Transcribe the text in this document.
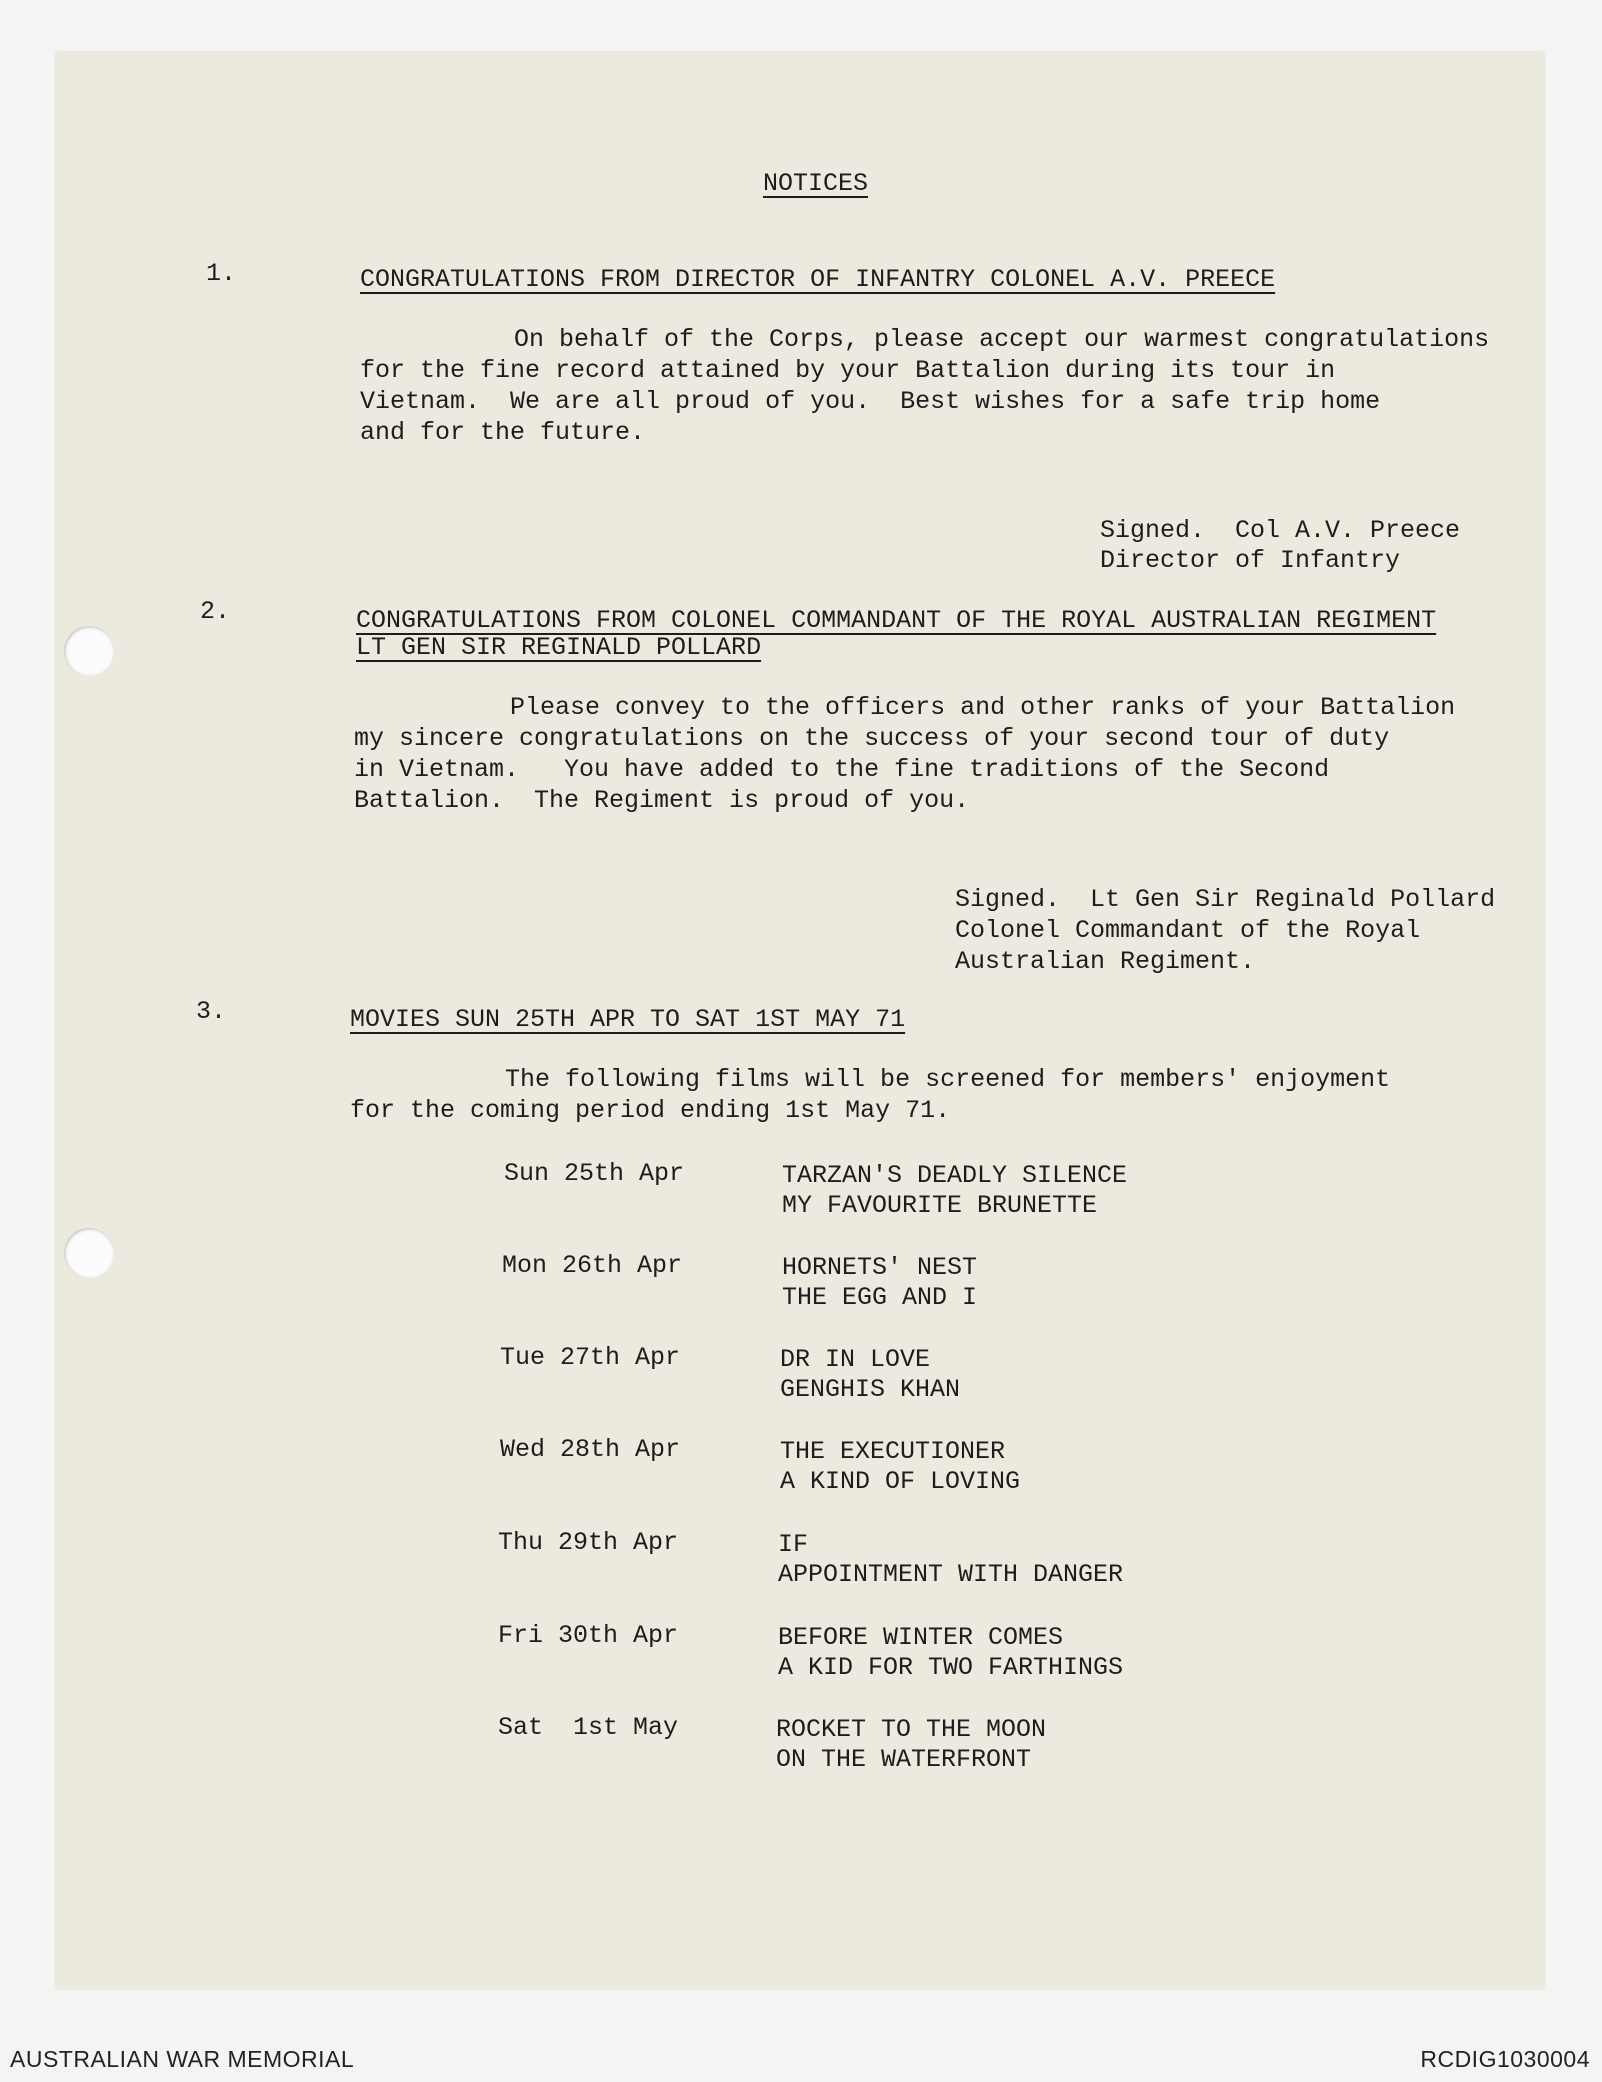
NOTICES
1.	CONGRATULATIONS FROM DIRECTOR OF INFANTRY COLONEL A.V. PREECE
On behalf of the Corps, please accept our warmest congratulations
for the fine record attained by your Battalion during its tour in
Vietnam.  We are all proud of you.  Best wishes for a safe trip home
and for the future.
Signed.  Col A.V. Preece
Director of Infantry
2.	CONGRATULATIONS FROM COLONEL COMMANDANT OF THE ROYAL AUSTRALIAN REGIMENT
LT GEN SIR REGINALD POLLARD
Please convey to the officers and other ranks of your Battalion
my sincere congratulations on the success of your second tour of duty
in Vietnam.   You have added to the fine traditions of the Second
Battalion.  The Regiment is proud of you.
Signed.  Lt Gen Sir Reginald Pollard
Colonel Commandant of the Royal
Australian Regiment.
3.	MOVIES SUN 25TH APR TO SAT 1ST MAY 71
The following films will be screened for members' enjoyment
for the coming period ending 1st May 71.
Sun 25th Apr	TARZAN'S DEADLY SILENCE
MY FAVOURITE BRUNETTE
Mon 26th Apr	HORNETS' NEST
THE EGG AND I
Tue 27th Apr	DR IN LOVE
GENGHIS KHAN
Wed 28th Apr	THE EXECUTIONER
A KIND OF LOVING
Thu 29th Apr	IF
APPOINTMENT WITH DANGER
Fri 30th Apr	BEFORE WINTER COMES
A KID FOR TWO FARTHINGS
Sat  1st May	ROCKET TO THE MOON
ON THE WATERFRONT
AUSTRALIAN WAR MEMORIAL	RCDIG1030004
